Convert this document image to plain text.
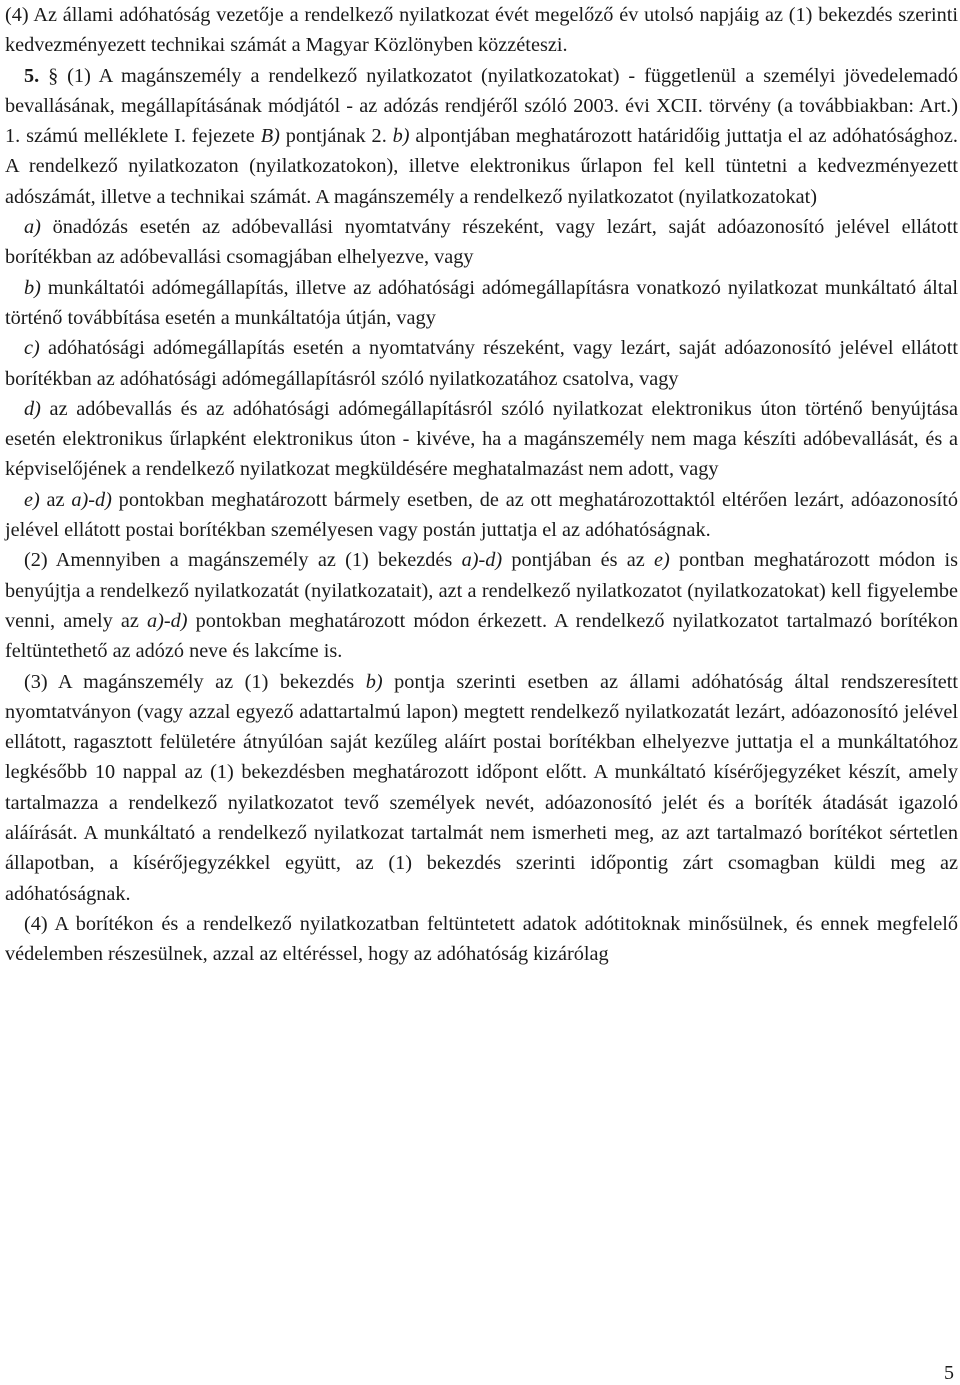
(4) Az állami adóhatóság vezetője a rendelkező nyilatkozat évét megelőző év utolsó napjáig az (1) bekezdés szerinti kedvezményezett technikai számát a Magyar Közlönyben közzéteszi.

5. § (1) A magánszemély a rendelkező nyilatkozatot (nyilatkozatokat) - függetlenül a személyi jövedelemadó bevallásának, megállapításának módjától - az adózás rendjéről szóló 2003. évi XCII. törvény (a továbbiakban: Art.) 1. számú melléklete I. fejezete B) pontjának 2. b) alpontjában meghatározott határidőig juttatja el az adóhatósághoz. A rendelkező nyilatkozaton (nyilatkozatokon), illetve elektronikus űrlapon fel kell tüntetni a kedvezményezett adószámát, illetve a technikai számát. A magánszemély a rendelkező nyilatkozatot (nyilatkozatokat)

a) önadózás esetén az adóbevallási nyomtatvány részeként, vagy lezárt, saját adóazonosító jelével ellátott borítékban az adóbevallási csomagjában elhelyezve, vagy

b) munkáltatói adómegállapítás, illetve az adóhatósági adómegállapításra vonatkozó nyilatkozat munkáltató által történő továbbítása esetén a munkáltatója útján, vagy

c) adóhatósági adómegállapítás esetén a nyomtatvány részeként, vagy lezárt, saját adóazonosító jelével ellátott borítékban az adóhatósági adómegállapításról szóló nyilatkozatához csatolva, vagy

d) az adóbevallás és az adóhatósági adómegállapításról szóló nyilatkozat elektronikus úton történő benyújtása esetén elektronikus űrlapként elektronikus úton - kivéve, ha a magánszemély nem maga készíti adóbevallását, és a képviselőjének a rendelkező nyilatkozat megküldésére meghatalmazást nem adott, vagy

e) az a)-d) pontokban meghatározott bármely esetben, de az ott meghatározottaktól eltérően lezárt, adóazonosító jelével ellátott postai borítékban személyesen vagy postán juttatja el az adóhatóságnak.

(2) Amennyiben a magánszemély az (1) bekezdés a)-d) pontjában és az e) pontban meghatározott módon is benyújtja a rendelkező nyilatkozatát (nyilatkozatait), azt a rendelkező nyilatkozatot (nyilatkozatokat) kell figyelembe venni, amely az a)-d) pontokban meghatározott módon érkezett. A rendelkező nyilatkozatot tartalmazó borítékon feltüntethető az adózó neve és lakcíme is.

(3) A magánszemély az (1) bekezdés b) pontja szerinti esetben az állami adóhatóság által rendszeresített nyomtatványon (vagy azzal egyező adattartalmú lapon) megtett rendelkező nyilatkozatát lezárt, adóazonosító jelével ellátott, ragasztott felületére átnyúlóan saját kezűleg aláírt postai borítékban elhelyezve juttatja el a munkáltatóhoz legkésőbb 10 nappal az (1) bekezdésben meghatározott időpont előtt. A munkáltató kísérőjegyzéket készít, amely tartalmazza a rendelkező nyilatkozatot tevő személyek nevét, adóazonosító jelét és a boríték átadását igazoló aláírását. A munkáltató a rendelkező nyilatkozat tartalmát nem ismerheti meg, az azt tartalmazó borítékot sértetlen állapotban, a kísérőjegyzékkel együtt, az (1) bekezdés szerinti időpontig zárt csomagban küldi meg az adóhatóságnak.

(4) A borítékon és a rendelkező nyilatkozatban feltüntetett adatok adótitoknak minősülnek, és ennek megfelelő védelemben részesülnek, azzal az eltéréssel, hogy az adóhatóság kizárólag

5
